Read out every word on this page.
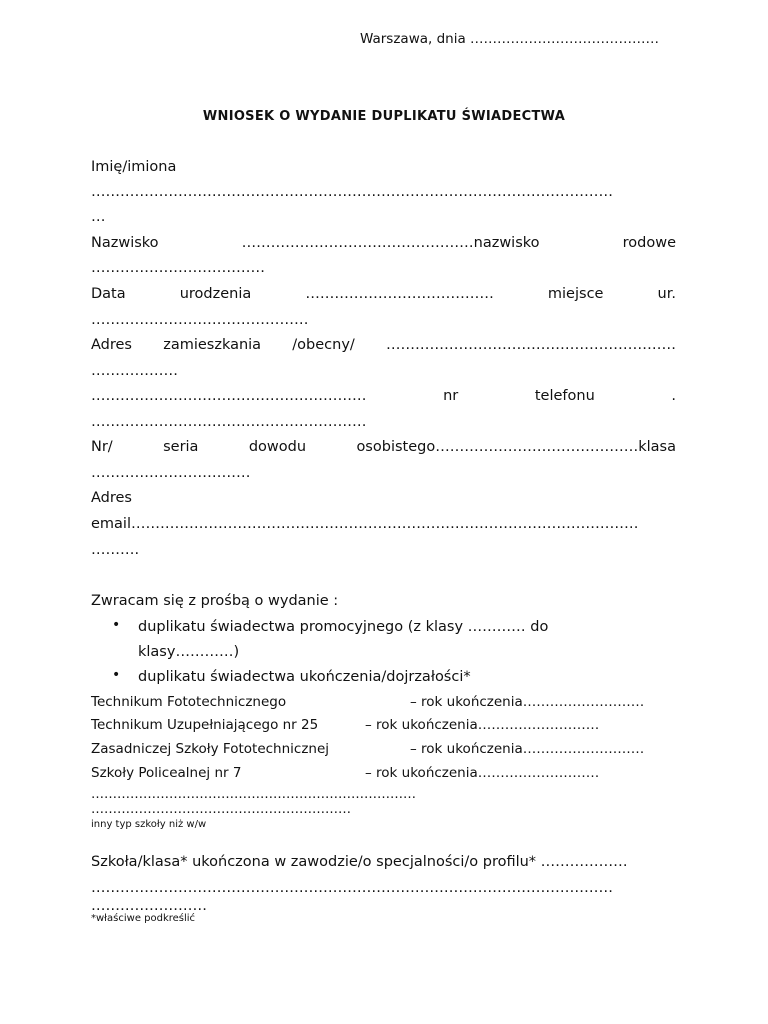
Warszawa, dnia ……………………………………
WNIOSEK O WYDANIE DUPLIKATU ŚWIADECTWA
Imię/imiona
………………………………………………………………………………………………
…
Nazwisko	…………………………………………nazwisko	rodowe
………………………………
Data	urodzenia	…………………………………	miejsce	ur.
………………………………………
Adres zamieszkania /obecny/ ……………………………………………………
………………
…………………………………………………	nr	telefonu	.
…………………………………………………
Nr/	seria	dowodu	osobistego……………………………………klasa
……………………………
Adres
email……………………………………………………………………………………………
……….
Zwracam się z prośbą o wydanie :
• duplikatu świadectwa promocyjnego (z klasy ………… do
klasy…………)
• duplikatu świadectwa ukończenia/dojrzałości*
Technikum Fototechnicznego	– rok ukończenia………………………
Technikum Uzupełniającego nr 25	– rok ukończenia………………………
Zasadniczej Szkoły Fototechnicznej	– rok ukończenia………………………
Szkoły Policealnej nr 7	– rok ukończenia………………………
…………………………………………………………………
……………………………………………………
inny typ szkoły niż w/w
Szkoła/klasa* ukończona w zawodzie/o specjalności/o profilu* ………………
………………………………………………………………………………………………
……………………
*właściwe podkreślić
